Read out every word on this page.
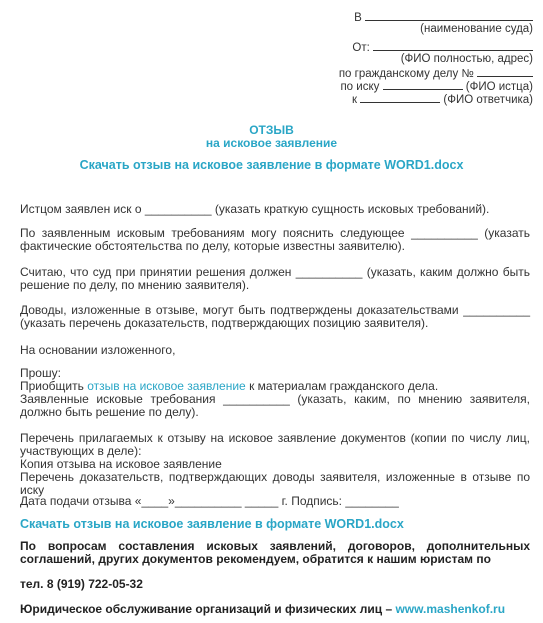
В
(наименование суда)
От:
(ФИО полностью, адрес)
по гражданскому делу №
по иску	(ФИО истца)
к	(ФИО ответчика)
ОТЗЫВ
на исковое заявление
Скачать отзыв на исковое заявление в формате WORD1.docx
Истцом заявлен иск о __________ (указать краткую сущность исковых требований).
По заявленным исковым требованиям могу пояснить следующее __________ (указать фактические обстоятельства по делу, которые известны заявителю).
Считаю, что суд при принятии решения должен __________ (указать, каким должно быть решение по делу, по мнению заявителя).
Доводы, изложенные в отзыве, могут быть подтверждены доказательствами __________ (указать перечень доказательств, подтверждающих позицию заявителя).
На основании изложенного,
Прошу:
Приобщить отзыв на исковое заявление к материалам гражданского дела.
Заявленные исковые требования __________ (указать, каким, по мнению заявителя, должно быть решение по делу).
Перечень прилагаемых к отзыву на исковое заявление документов (копии по числу лиц, участвующих в деле):
Копия отзыва на исковое заявление
Перечень доказательств, подтверждающих доводы заявителя, изложенные в отзыве по иску
Дата подачи отзыва «____»__________ _____ г. Подпись: ________
Скачать отзыв на исковое заявление в формате WORD1.docx
По вопросам составления исковых заявлений, договоров, дополнительных соглашений, других документов рекомендуем, обратится к нашим юристам по
тел. 8 (919) 722-05-32
Юридическое обслуживание организаций и физических лиц – www.mashenkof.ru
